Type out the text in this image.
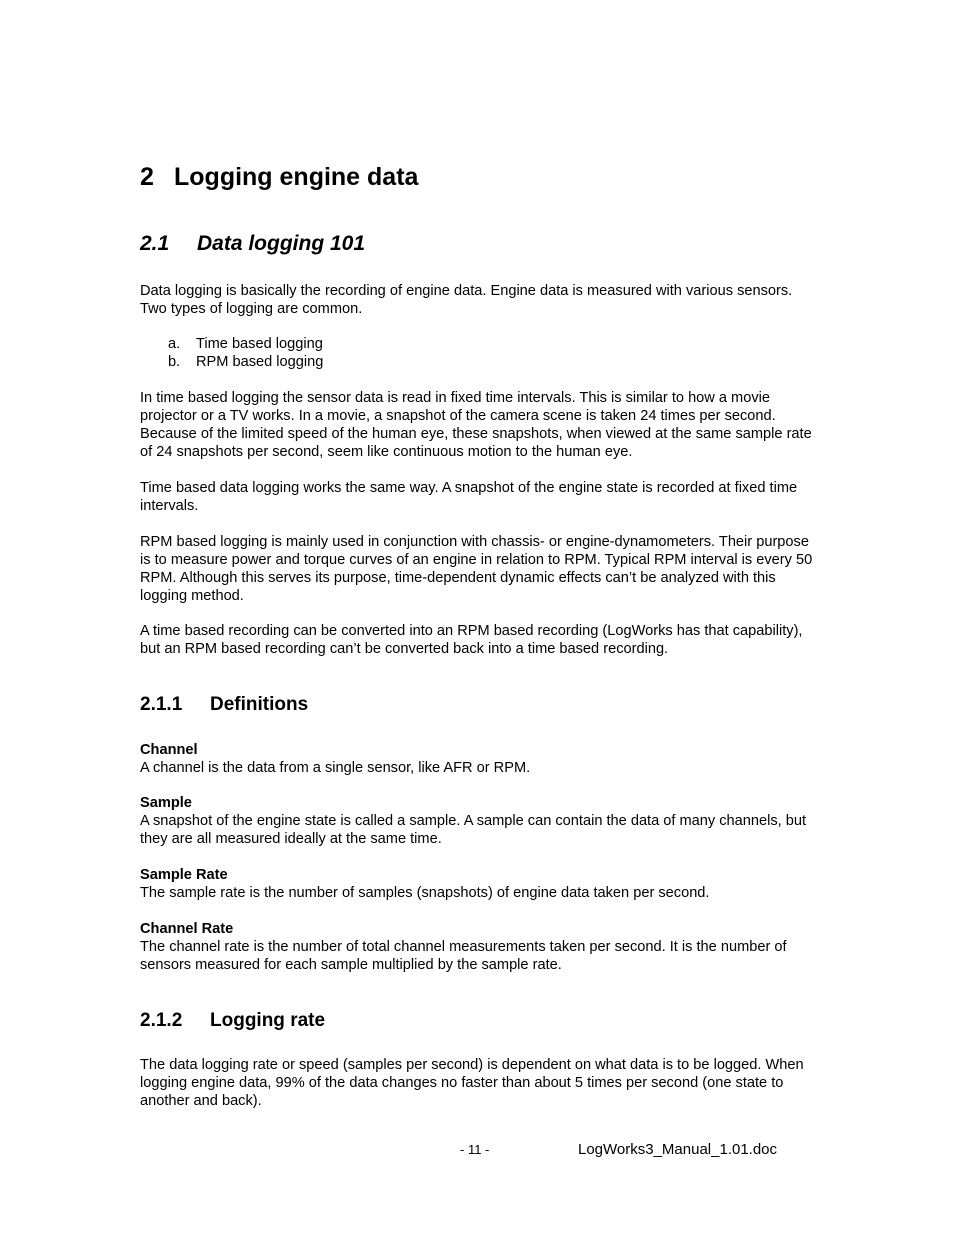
2 Logging engine data
2.1 Data logging 101

Data logging is basically the recording of engine data. Engine data is measured with various sensors. Two types of logging are common.

a. Time based logging
b. RPM based logging

In time based logging the sensor data is read in fixed time intervals. This is similar to how a movie projector or a TV works. In a movie, a snapshot of the camera scene is taken 24 times per second. Because of the limited speed of the human eye, these snapshots, when viewed at the same sample rate of 24 snapshots per second, seem like continuous motion to the human eye.

Time based data logging works the same way. A snapshot of the engine state is recorded at fixed time intervals.

RPM based logging is mainly used in conjunction with chassis- or engine-dynamometers. Their purpose is to measure power and torque curves of an engine in relation to RPM. Typical RPM interval is every 50 RPM. Although this serves its purpose, time-dependent dynamic effects can’t be analyzed with this logging method.

A time based recording can be converted into an RPM based recording (LogWorks has that capability), but an RPM based recording can’t be converted back into a time based recording.

2.1.1 Definitions

Channel

A channel is the data from a single sensor, like AFR or RPM.

Sample

A snapshot of the engine state is called a sample. A sample can contain the data of many channels, but they are all measured ideally at the same time.

Sample Rate

The sample rate is the number of samples (snapshots) of engine data taken per second.

Channel Rate

The channel rate is the number of total channel measurements taken per second. It is the number of sensors measured for each sample multiplied by the sample rate.

2.1.2 Logging rate

The data logging rate or speed (samples per second) is dependent on what data is to be logged. When logging engine data, 99% of the data changes no faster than about 5 times per second (one state to another and back).

- 11 -	LogWorks3_Manual_1.01.doc
